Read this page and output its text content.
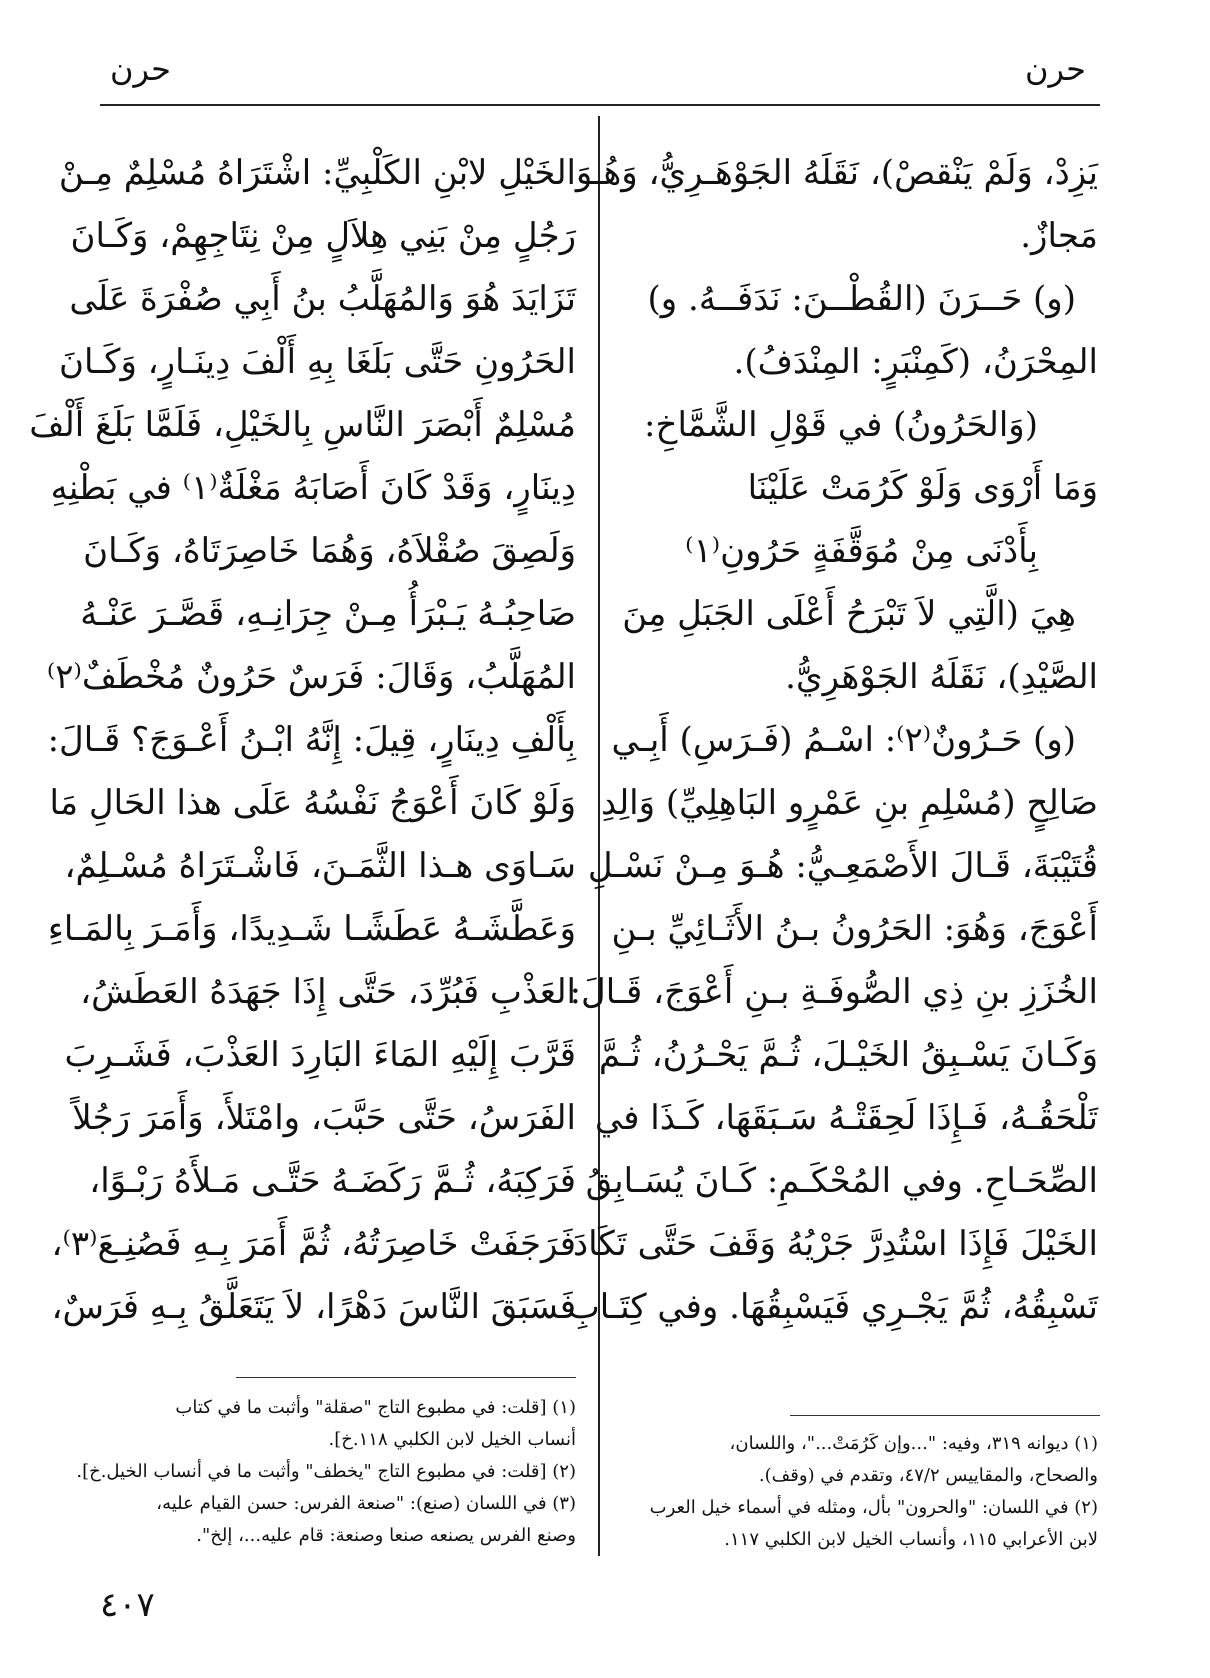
حرن
حرن
يَزِدْ، وَلَمْ يَنْقصْ)، نَقَلَهُ الجَوْهَـرِيُّ، وَهُـوَ
مَجازٌ.
(و) حَــرَنَ (القُطْــنَ: نَدَفَــهُ. و)
المِحْرَنُ، (كَمِنْبَرٍ: المِنْدَفُ).
(وَالحَرُونُ) في قَوْلِ الشَّمَّاخِ:
وَمَا أَرْوَى وَلَوْ كَرُمَتْ عَلَيْنَا
بِأَدْنَى مِنْ مُوَقَّفَةٍ حَرُونِ⁽١⁾
هِيَ (الَّتِي لاَ تَبْرَحُ أَعْلَى الجَبَلِ مِنَ
الصَّيْدِ)، نَقَلَهُ الجَوْهَرِيُّ.
(و) حَـرُونٌ⁽٢⁾: اسْـمُ (فَـرَسِ) أَبِـي
صَالِحٍ (مُسْلِمِ بنِ عَمْرٍو البَاهِلِيِّ) وَالِدِ
قُتَيْبَةَ، قَـالَ الأَصْمَعِـيُّ: هُـوَ مِـنْ نَسْـلِ
أَعْوَجَ، وَهُوَ: الحَرُونُ بـنُ الأَثَـائِيِّ بـنِ
الخُزَزِ بنِ ذِي الصُّوفَـةِ بـنِ أَعْوَجَ، قَـالَ:
وَكَـانَ يَسْـبِقُ الخَيْـلَ، ثُـمَّ يَحْـرُنُ، ثُـمَّ
تَلْحَقُـهُ، فَـإِذَا لَحِقَتْـهُ سَـبَقَهَا، كَـذَا في
الصِّحَـاحِ. وفي المُحْكَـمِ: كَـانَ يُسَـابِقُ
الخَيْلَ فَإِذَا اسْتُدِرَّ جَرْيُهُ وَقَفَ حَتَّى تَكَادَ
تَسْبِقُهُ، ثُمَّ يَجْـرِي فَيَسْبِقُهَا. وفي كِتَـابِ
الخَيْلِ لابْنِ الكَلْبِيِّ: اشْتَرَاهُ مُسْلِمٌ مِـنْ
رَجُلٍ مِنْ بَنِي هِلاَلٍ مِنْ نِتَاجِهِمْ، وَكَـانَ
تَزَايَدَ هُوَ وَالمُهَلَّبُ بنُ أَبِي صُفْرَةَ عَلَى
الحَرُونِ حَتَّى بَلَغَا بِهِ أَلْفَ دِينَـارٍ، وَكَـانَ
مُسْلِمٌ أَبْصَرَ النَّاسِ بِالخَيْلِ، فَلَمَّا بَلَغَ أَلْفَ
دِينَارٍ، وَقَدْ كَانَ أَصَابَهُ مَغْلَةٌ⁽١⁾ في بَطْنِهِ
وَلَصِقَ صُقْلاَهُ، وَهُمَا خَاصِرَتَاهُ، وَكَـانَ
صَاحِبُـهُ يَـبْرَأُ مِـنْ جِرَانِـهِ، قَصَّـرَ عَنْـهُ
المُهَلَّبُ، وَقَالَ: فَرَسٌ حَرُونٌ مُخْطَفٌ⁽٢⁾
بِأَلْفِ دِينَارٍ، قِيلَ: إِنَّهُ ابْـنُ أَعْـوَجَ؟ قَـالَ:
وَلَوْ كَانَ أَعْوَجُ نَفْسُهُ عَلَى هذا الحَالِ مَا
سَـاوَى هـذا الثَّمَـنَ، فَاشْـتَرَاهُ مُسْـلِمٌ،
وَعَطَّشَـهُ عَطَشًـا شَـدِيدًا، وَأَمَـرَ بِالمَـاءِ
العَذْبِ فَبُرِّدَ، حَتَّى إِذَا جَهَدَهُ العَطَشُ،
قَرَّبَ إِلَيْهِ المَاءَ البَارِدَ العَذْبَ، فَشَـرِبَ
الفَرَسُ، حَتَّى حَبَّبَ، وامْتَلأَ، وَأَمَرَ رَجُلاً
فَرَكِبَهُ، ثُـمَّ رَكَضَـهُ حَتَّـى مَـلأَهُ رَبْـوًا،
فَرَجَفَتْ خَاصِرَتُهُ، ثُمَّ أَمَرَ بِـهِ فَصُنِـعَ⁽٣⁾،
فَسَبَقَ النَّاسَ دَهْرًا، لاَ يَتَعَلَّقُ بِـهِ فَرَسٌ،
(١) ديوانه ٣١٩، وفيه: "...وإن كَرُمَتْ..."، واللسان،
والصحاح، والمقاييس ٤٧/٢، وتقدم في (وقف).
(٢) في اللسان: "والحرون" بأل، ومثله في أسماء خيل العرب
لابن الأعرابي ١١٥، وأنساب الخيل لابن الكلبي ١١٧.
(١) [قلت: في مطبوع التاج "صقلة" وأثبت ما في كتاب
أنساب الخيل لابن الكلبي ١١٨.خ].
(٢) [قلت: في مطبوع التاج "يخطف" وأثبت ما في أنساب الخيل.خ].
(٣) في اللسان (صنع): "صنعة الفرس: حسن القيام عليه،
وصنع الفرس يصنعه صنعا وصنعة: قام عليه...، إلخ".
٤٠٧
